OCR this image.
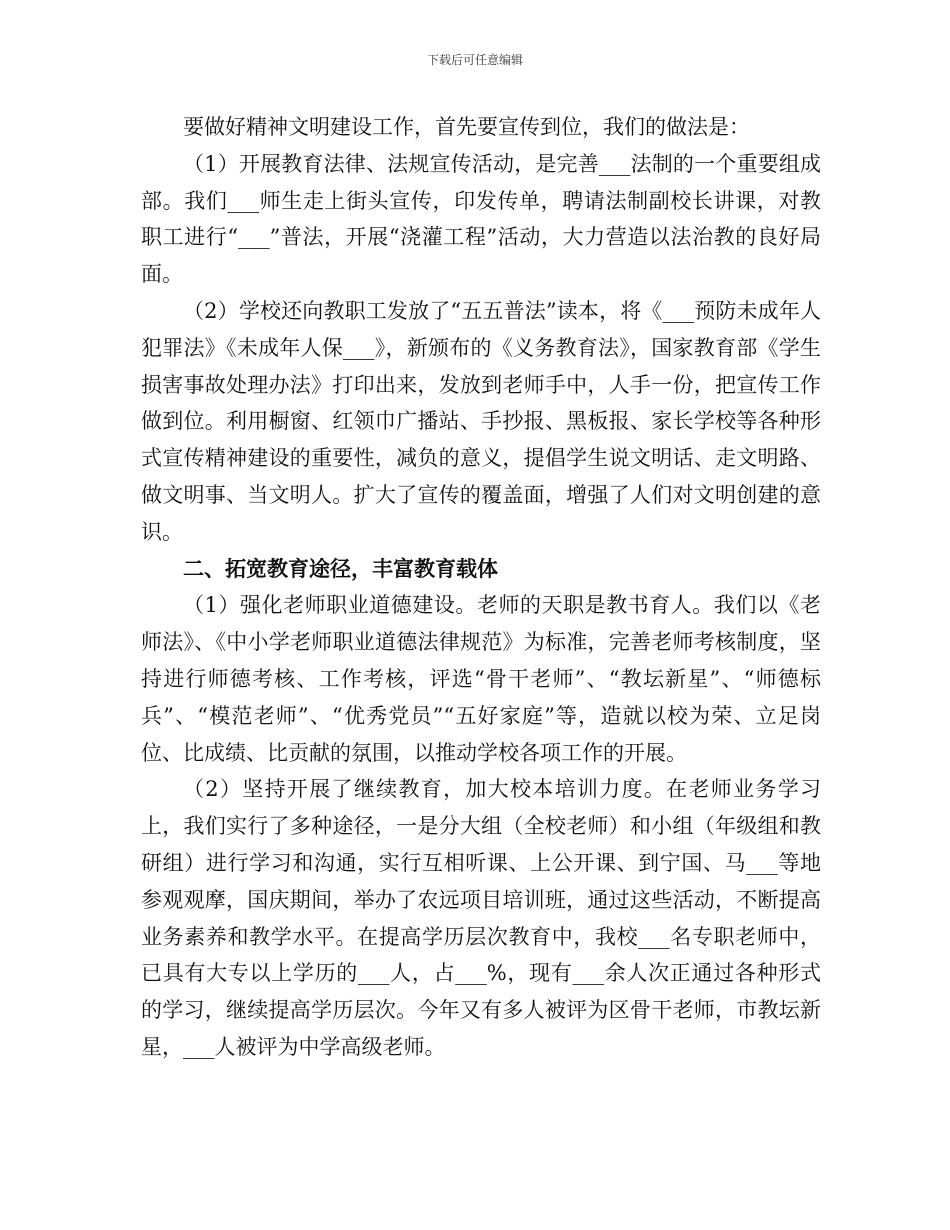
下载后可任意编辑

要做好精神文明建设工作，首先要宣传到位，我们的做法是：

（1）开展教育法律、法规宣传活动，是完善___法制的一个重要组成部。我们___师生走上街头宣传，印发传单，聘请法制副校长讲课，对教职工进行“___”普法，开展“浇灌工程”活动，大力营造以法治教的良好局面。

（2）学校还向教职工发放了“五五普法”读本，将《___预防未成年人犯罪法》《未成年人保___》，新颁布的《义务教育法》，国家教育部《学生损害事故处理办法》打印出来，发放到老师手中，人手一份，把宣传工作做到位。利用橱窗、红领巾广播站、手抄报、黑板报、家长学校等各种形式宣传精神建设的重要性，减负的意义，提倡学生说文明话、走文明路、做文明事、当文明人。扩大了宣传的覆盖面，增强了人们对文明创建的意识。

二、拓宽教育途径，丰富教育载体

（1）强化老师职业道德建设。老师的天职是教书育人。我们以《老师法》、《中小学老师职业道德法律规范》为标准，完善老师考核制度，坚持进行师德考核、工作考核，评选“骨干老师”、“教坛新星”、“师德标兵”、“模范老师”、“优秀党员”“五好家庭”等，造就以校为荣、立足岗位、比成绩、比贡献的氛围，以推动学校各项工作的开展。

（2）坚持开展了继续教育，加大校本培训力度。在老师业务学习上，我们实行了多种途径，一是分大组（全校老师）和小组（年级组和教研组）进行学习和沟通，实行互相听课、上公开课、到宁国、马___等地参观观摩，国庆期间，举办了农远项目培训班，通过这些活动，不断提高业务素养和教学水平。在提高学历层次教育中，我校___名专职老师中，已具有大专以上学历的___人，占___%，现有___余人次正通过各种形式的学习，继续提高学历层次。今年又有多人被评为区骨干老师，市教坛新星，___人被评为中学高级老师。
